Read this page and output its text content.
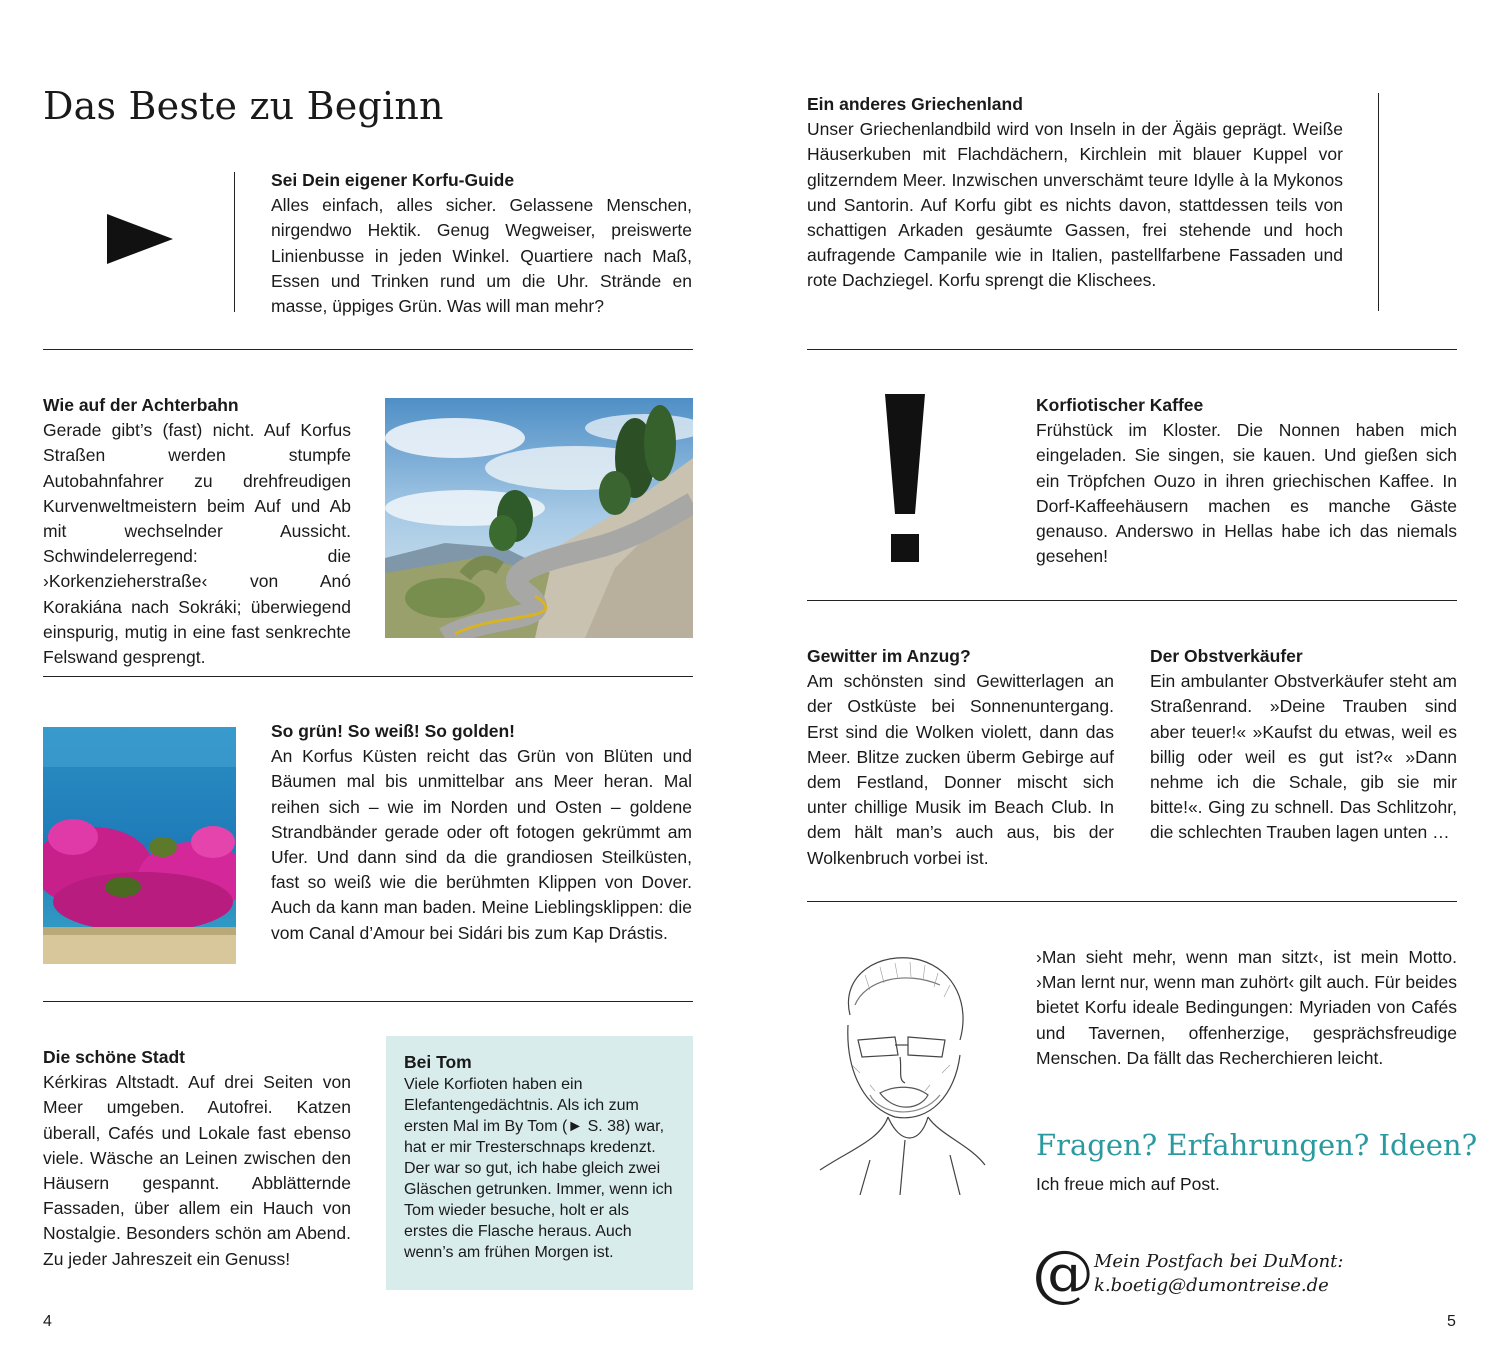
Das Beste zu Beginn
Sei Dein eigener Korfu-Guide

Alles einfach, alles sicher. Gelassene Menschen, nirgendwo Hektik. Genug Wegweiser, preiswerte Linienbusse in jeden Winkel. Quartiere nach Maß, Essen und Trinken rund um die Uhr. Strände en masse, üppiges Grün. Was will man mehr?

Wie auf der Achterbahn

Gerade gibt’s (fast) nicht. Auf Korfus Straßen werden stumpfe Autobahnfahrer zu drehfreudigen Kurvenweltmeistern beim Auf und Ab mit wechselnder Aussicht. Schwindelerregend: die ›Korkenzieherstraße‹ von Anó Korakiána nach Sokráki; überwiegend einspurig, mutig in eine fast senkrechte Felswand gesprengt.

So grün! So weiß! So golden!

An Korfus Küsten reicht das Grün von Blüten und Bäumen mal bis unmittelbar ans Meer heran. Mal reihen sich – wie im Norden und Osten – goldene Strandbänder gerade oder oft fotogen gekrümmt am Ufer. Und dann sind da die grandiosen Steilküsten, fast so weiß wie die berühmten Klippen von Dover. Auch da kann man baden. Meine Lieblingsklippen: die vom Canal d’Amour bei Sidári bis zum Kap Drástis.

Die schöne Stadt

Kérkiras Altstadt. Auf drei Seiten von Meer umgeben. Autofrei. Katzen überall, Cafés und Lokale fast ebenso viele. Wäsche an Leinen zwischen den Häusern gespannt. Abblätternde Fassaden, über allem ein Hauch von Nostalgie. Besonders schön am Abend. Zu jeder Jahreszeit ein Genuss!

Bei Tom

Viele Korfioten haben ein Elefantengedächtnis. Als ich zum ersten Mal im By Tom (► S. 38) war, hat er mir Tresterschnaps kredenzt. Der war so gut, ich habe gleich zwei Gläschen getrunken. Immer, wenn ich Tom wieder besuche, holt er als erstes die Flasche heraus. Auch wenn’s am frühen Morgen ist.

4
Ein anderes Griechenland

Unser Griechenlandbild wird von Inseln in der Ägäis geprägt. Weiße Häuserkuben mit Flachdächern, Kirchlein mit blauer Kuppel vor glitzerndem Meer. Inzwischen unverschämt teure Idylle à la Mykonos und Santorin. Auf Korfu gibt es nichts davon, stattdessen teils von schattigen Arkaden gesäumte Gassen, frei stehende und hoch aufragende Campanile wie in Italien, pastellfarbene Fassaden und rote Dachziegel. Korfu sprengt die Klischees.

Korfiotischer Kaffee

Frühstück im Kloster. Die Nonnen haben mich eingeladen. Sie singen, sie kauen. Und gießen sich ein Tröpfchen Ouzo in ihren griechischen Kaffee. In Dorf-Kaffeehäusern machen es manche Gäste genauso. Anderswo in Hellas habe ich das niemals gesehen!

Gewitter im Anzug?

Am schönsten sind Gewitterlagen an der Ostküste bei Sonnenuntergang. Erst sind die Wolken violett, dann das Meer. Blitze zucken überm Gebirge auf dem Festland, Donner mischt sich unter chillige Musik im Beach Club. In dem hält man’s auch aus, bis der Wolkenbruch vorbei ist.

Der Obstverkäufer

Ein ambulanter Obstverkäufer steht am Straßenrand. »Deine Trauben sind aber teuer!« »Kaufst du etwas, weil es billig oder weil es gut ist?« »Dann nehme ich die Schale, gib sie mir bitte!«. Ging zu schnell. Das Schlitzohr, die schlechten Trauben lagen unten …

›Man sieht mehr, wenn man sitzt‹, ist mein Motto. ›Man lernt nur, wenn man zuhört‹ gilt auch. Für beides bietet Korfu ideale Bedingungen: Myriaden von Cafés und Tavernen, offenherzige, gesprächsfreudige Menschen. Da fällt das Recherchieren leicht.

Fragen? Erfahrungen? Ideen?
Ich freue mich auf Post.
@ Mein Postfach bei DuMont:
k.boetig@dumontreise.de
5
